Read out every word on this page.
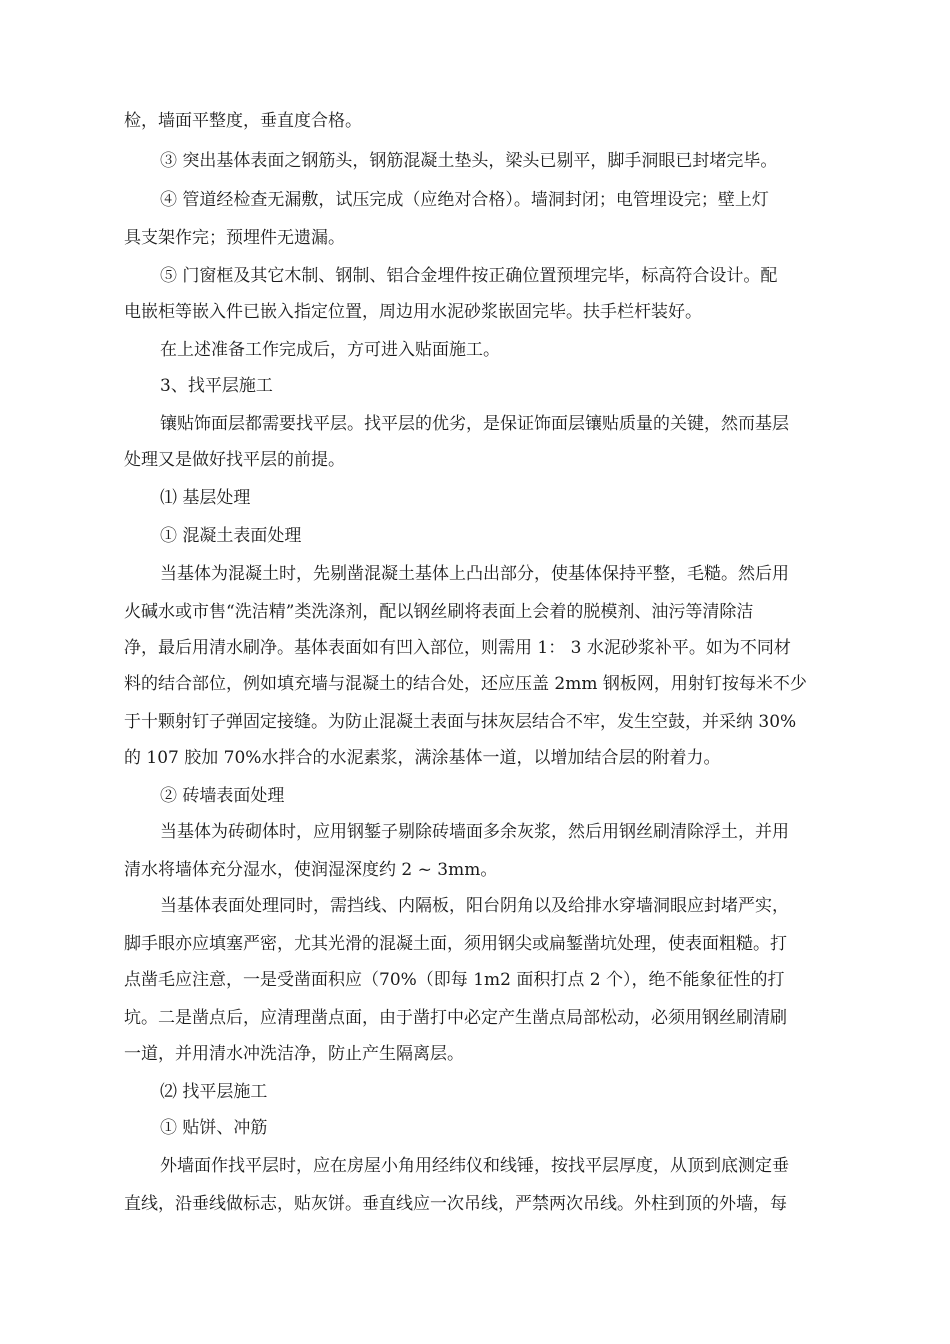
检，墙面平整度，垂直度合格。
③ 突出基体表面之钢筋头，钢筋混凝土垫头，梁头已剔平，脚手洞眼已封堵完毕。
④ 管道经检查无漏敷，试压完成（应绝对合格）。墙洞封闭；电管埋设完；壁上灯
具支架作完；预埋件无遗漏。
⑤ 门窗框及其它木制、钢制、铝合金埋件按正确位置预埋完毕，标高符合设计。配
电嵌柜等嵌入件已嵌入指定位置，周边用水泥砂浆嵌固完毕。扶手栏杆装好。
在上述准备工作完成后，方可进入贴面施工。
3、找平层施工
镶贴饰面层都需要找平层。找平层的优劣，是保证饰面层镶贴质量的关键，然而基层
处理又是做好找平层的前提。
⑴ 基层处理
① 混凝土表面处理
当基体为混凝土时，先剔凿混凝土基体上凸出部分，使基体保持平整，毛糙。然后用
火碱水或市售“洗洁精”类洗涤剂，配以钢丝刷将表面上会着的脱模剂、油污等清除洁
净，最后用清水刷净。基体表面如有凹入部位，则需用 1： 3 水泥砂浆补平。如为不同材
料的结合部位，例如填充墙与混凝土的结合处，还应压盖 2mm 钢板网，用射钉按每米不少
于十颗射钉子弹固定接缝。为防止混凝土表面与抹灰层结合不牢，发生空鼓，并采纳 30%
的 107 胶加 70%水拌合的水泥素浆，满涂基体一道，以增加结合层的附着力。
② 砖墙表面处理
当基体为砖砌体时，应用钢錾子剔除砖墙面多余灰浆，然后用钢丝刷清除浮土，并用
清水将墙体充分湿水，使润湿深度约 2 ~ 3mm。
当基体表面处理同时，需挡线、内隔板，阳台阴角以及给排水穿墙洞眼应封堵严实，
脚手眼亦应填塞严密，尤其光滑的混凝土面，须用钢尖或扁錾凿坑处理，使表面粗糙。打
点凿毛应注意，一是受凿面积应（70%（即每 1m2 面积打点 2 个），绝不能象征性的打
坑。二是凿点后，应清理凿点面，由于凿打中必定产生凿点局部松动，必须用钢丝刷清刷
一道，并用清水冲洗洁净，防止产生隔离层。
⑵ 找平层施工
① 贴饼、冲筋
外墙面作找平层时，应在房屋小角用经纬仪和线锤，按找平层厚度，从顶到底测定垂
直线，沿垂线做标志，贴灰饼。垂直线应一次吊线，严禁两次吊线。外柱到顶的外墙，每
